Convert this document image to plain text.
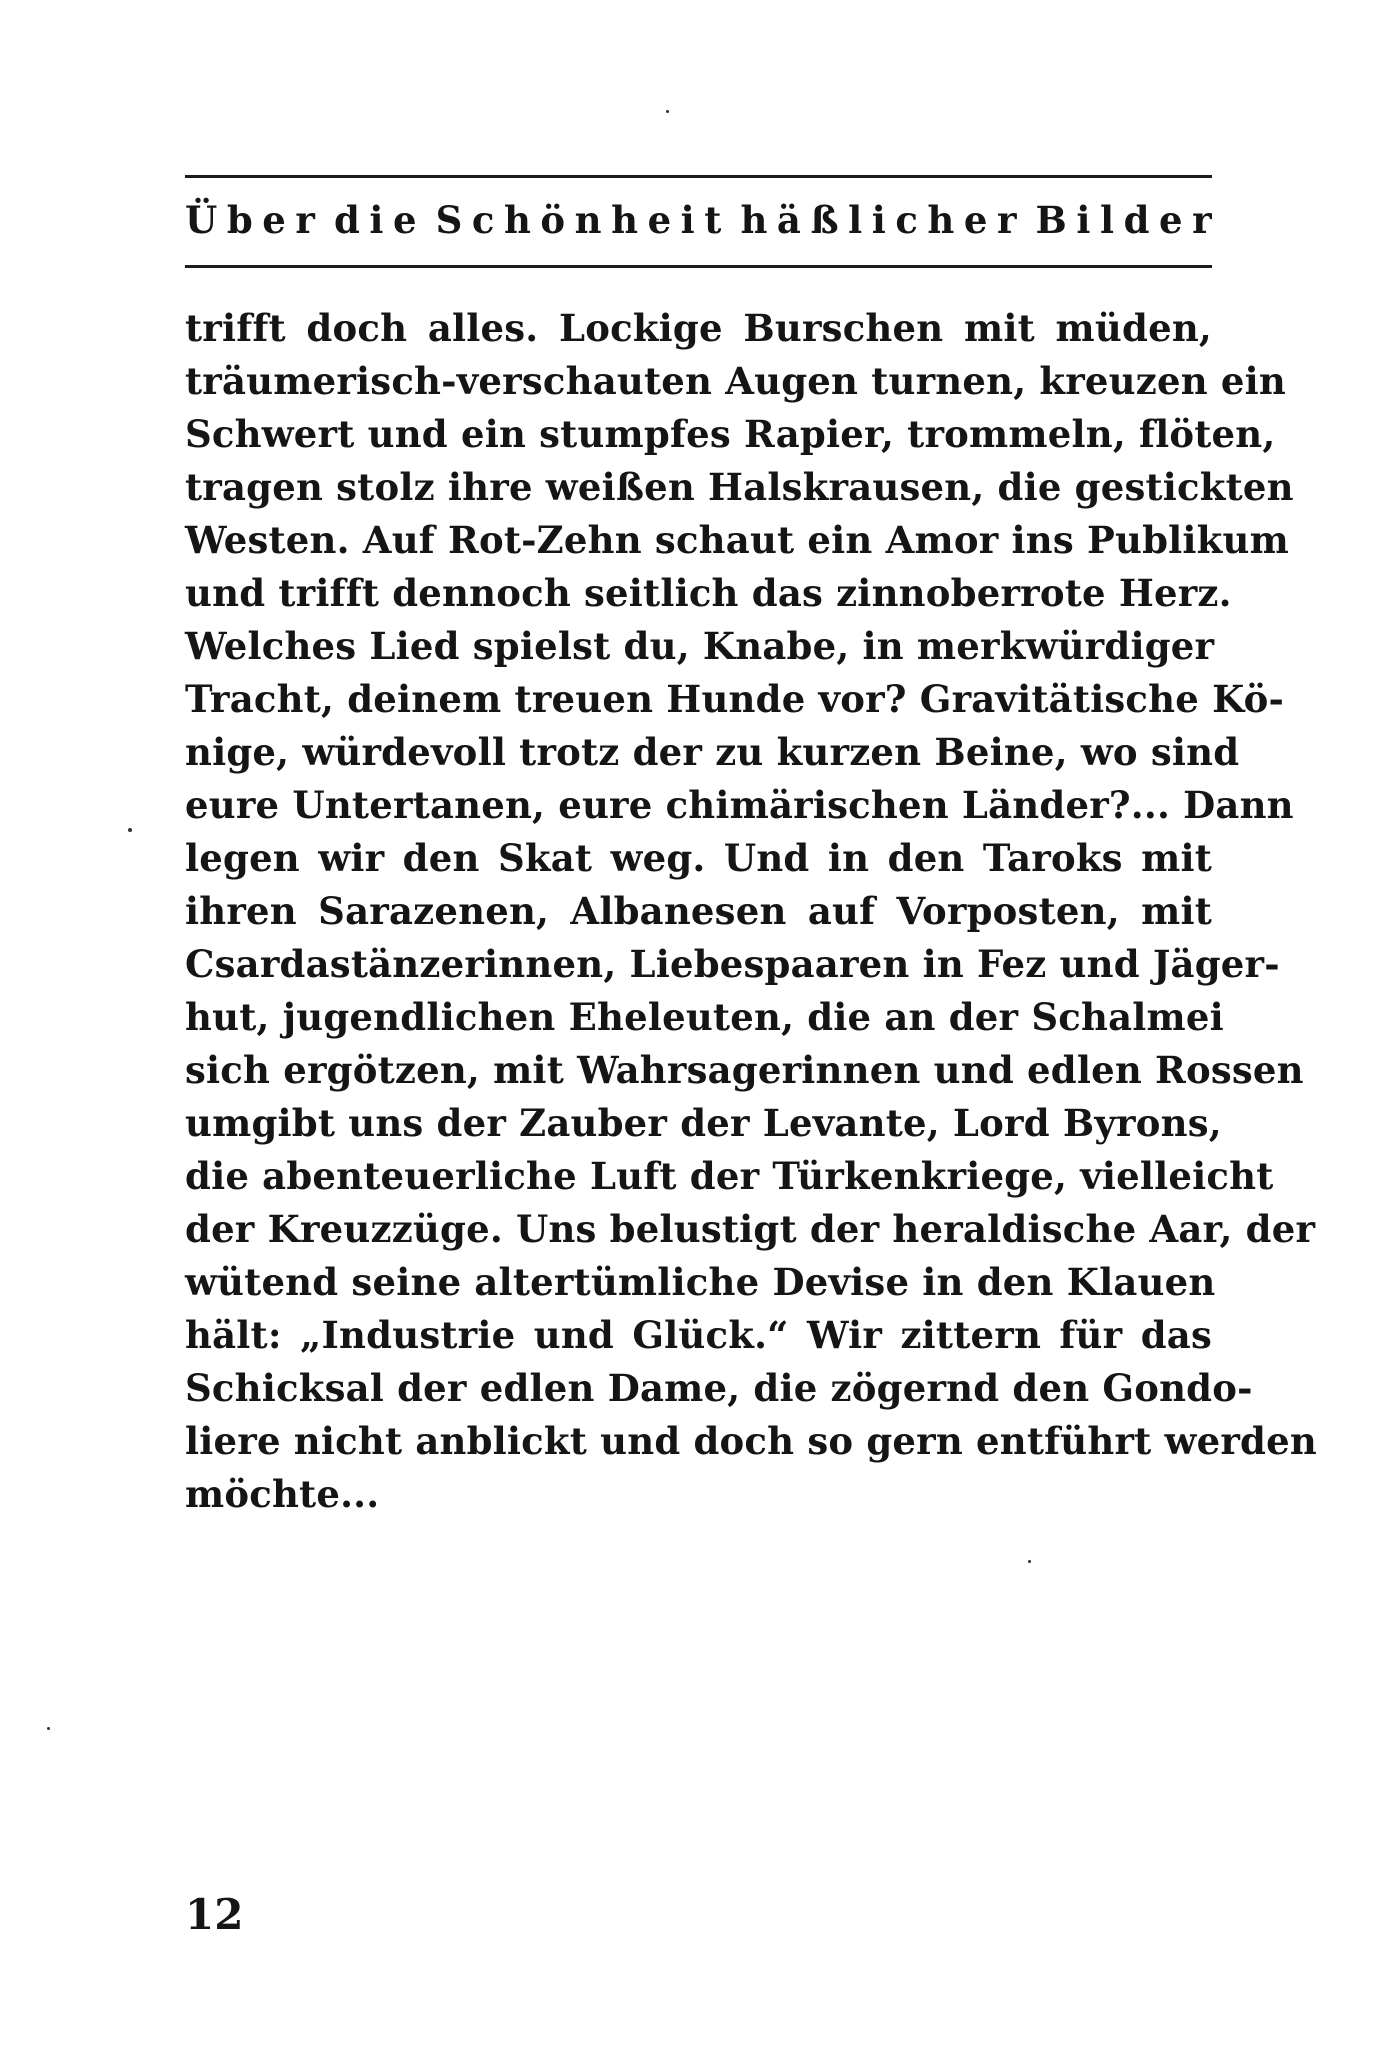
Ü b e r d i e S c h ö n h e i t h ä ß l i c h e r B i l d e r
trifft doch alles. Lockige Burschen mit müden,
träumerisch-verschauten Augen turnen, kreuzen ein
Schwert und ein stumpfes Rapier, trommeln, flöten,
tragen stolz ihre weißen Halskrausen, die gestickten
Westen. Auf Rot-Zehn schaut ein Amor ins Publikum
und trifft dennoch seitlich das zinnoberrote Herz.
Welches Lied spielst du, Knabe, in merkwürdiger
Tracht, deinem treuen Hunde vor? Gravitätische Kö-
nige, würdevoll trotz der zu kurzen Beine, wo sind
eure Untertanen, eure chimärischen Länder?... Dann
legen wir den Skat weg. Und in den Taroks mit
ihren Sarazenen, Albanesen auf Vorposten, mit
Csardastänzerinnen, Liebespaaren in Fez und Jäger-
hut, jugendlichen Eheleuten, die an der Schalmei
sich ergötzen, mit Wahrsagerinnen und edlen Rossen
umgibt uns der Zauber der Levante, Lord Byrons,
die abenteuerliche Luft der Türkenkriege, vielleicht
der Kreuzzüge. Uns belustigt der heraldische Aar, der
wütend seine altertümliche Devise in den Klauen
hält: „Industrie und Glück.“ Wir zittern für das
Schicksal der edlen Dame, die zögernd den Gondo-
liere nicht anblickt und doch so gern entführt werden
möchte...
12
